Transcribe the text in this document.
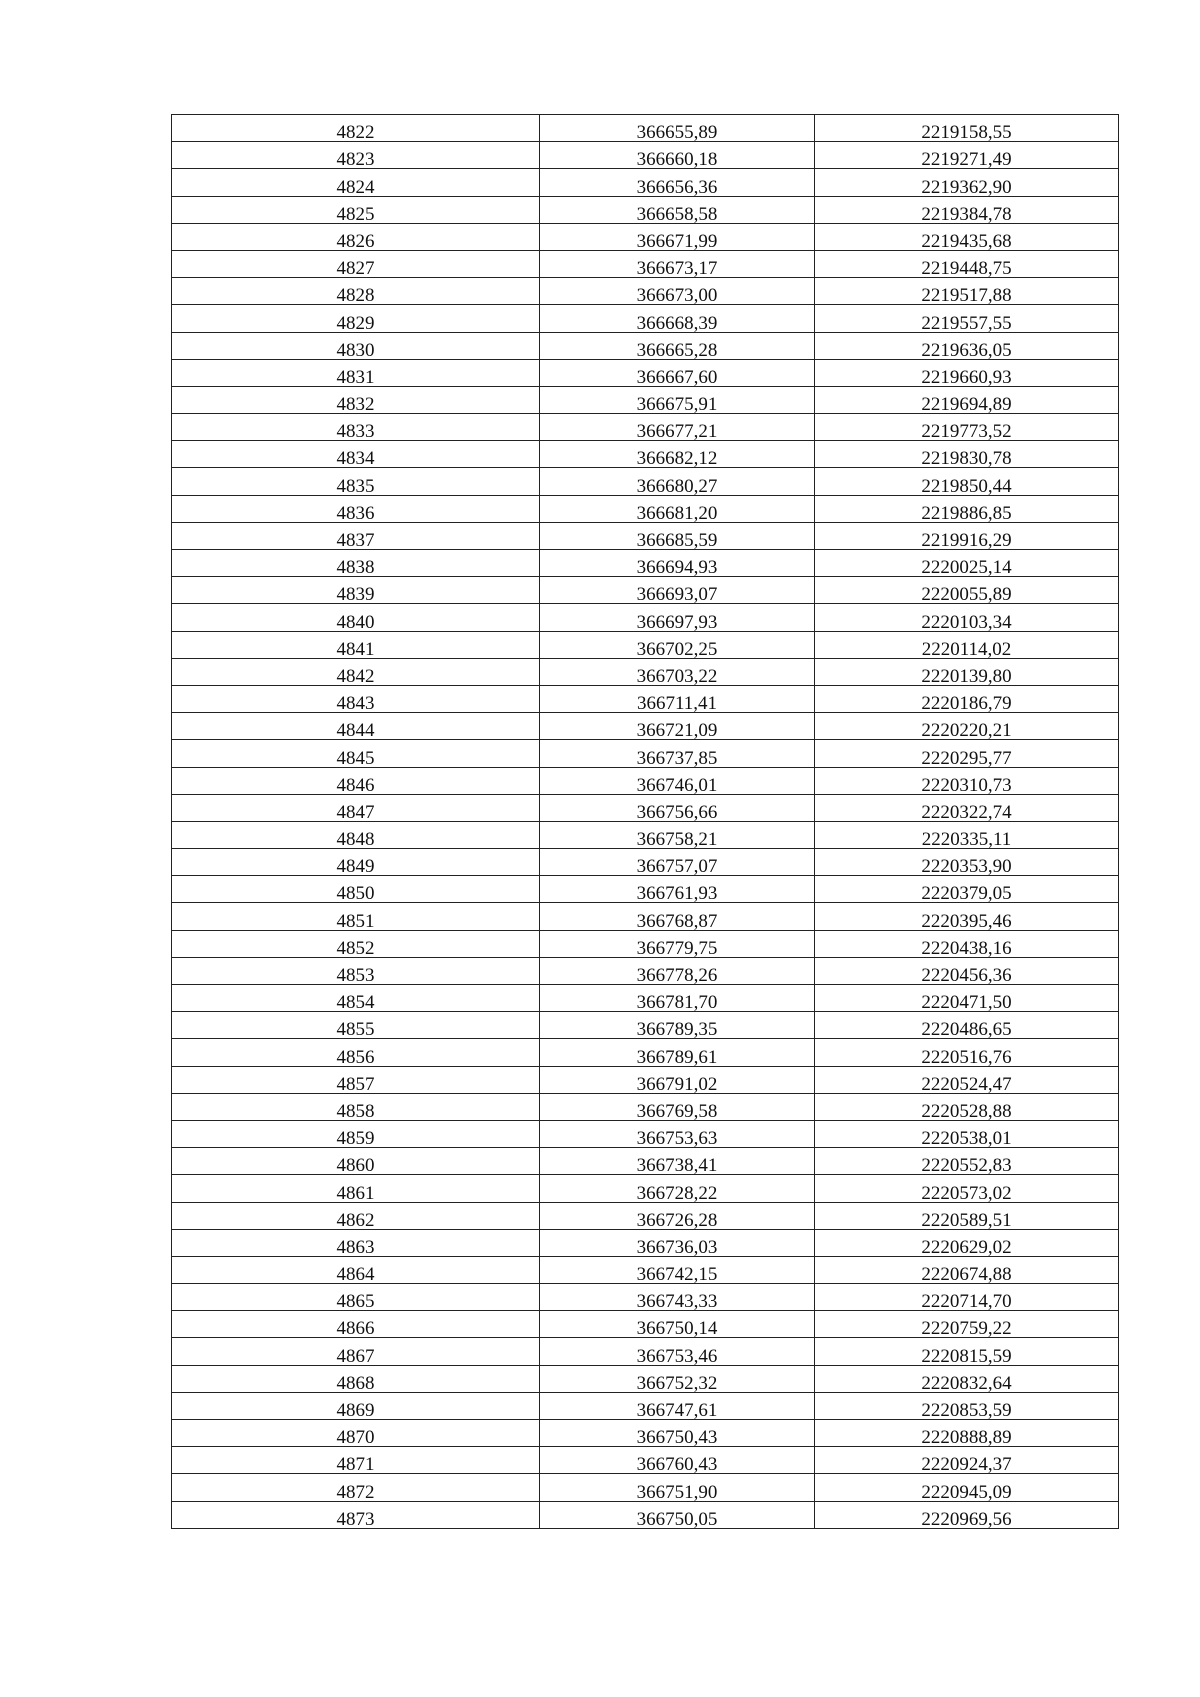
4822	366655,89	2219158,55
4823	366660,18	2219271,49
4824	366656,36	2219362,90
4825	366658,58	2219384,78
4826	366671,99	2219435,68
4827	366673,17	2219448,75
4828	366673,00	2219517,88
4829	366668,39	2219557,55
4830	366665,28	2219636,05
4831	366667,60	2219660,93
4832	366675,91	2219694,89
4833	366677,21	2219773,52
4834	366682,12	2219830,78
4835	366680,27	2219850,44
4836	366681,20	2219886,85
4837	366685,59	2219916,29
4838	366694,93	2220025,14
4839	366693,07	2220055,89
4840	366697,93	2220103,34
4841	366702,25	2220114,02
4842	366703,22	2220139,80
4843	366711,41	2220186,79
4844	366721,09	2220220,21
4845	366737,85	2220295,77
4846	366746,01	2220310,73
4847	366756,66	2220322,74
4848	366758,21	2220335,11
4849	366757,07	2220353,90
4850	366761,93	2220379,05
4851	366768,87	2220395,46
4852	366779,75	2220438,16
4853	366778,26	2220456,36
4854	366781,70	2220471,50
4855	366789,35	2220486,65
4856	366789,61	2220516,76
4857	366791,02	2220524,47
4858	366769,58	2220528,88
4859	366753,63	2220538,01
4860	366738,41	2220552,83
4861	366728,22	2220573,02
4862	366726,28	2220589,51
4863	366736,03	2220629,02
4864	366742,15	2220674,88
4865	366743,33	2220714,70
4866	366750,14	2220759,22
4867	366753,46	2220815,59
4868	366752,32	2220832,64
4869	366747,61	2220853,59
4870	366750,43	2220888,89
4871	366760,43	2220924,37
4872	366751,90	2220945,09
4873	366750,05	2220969,56
